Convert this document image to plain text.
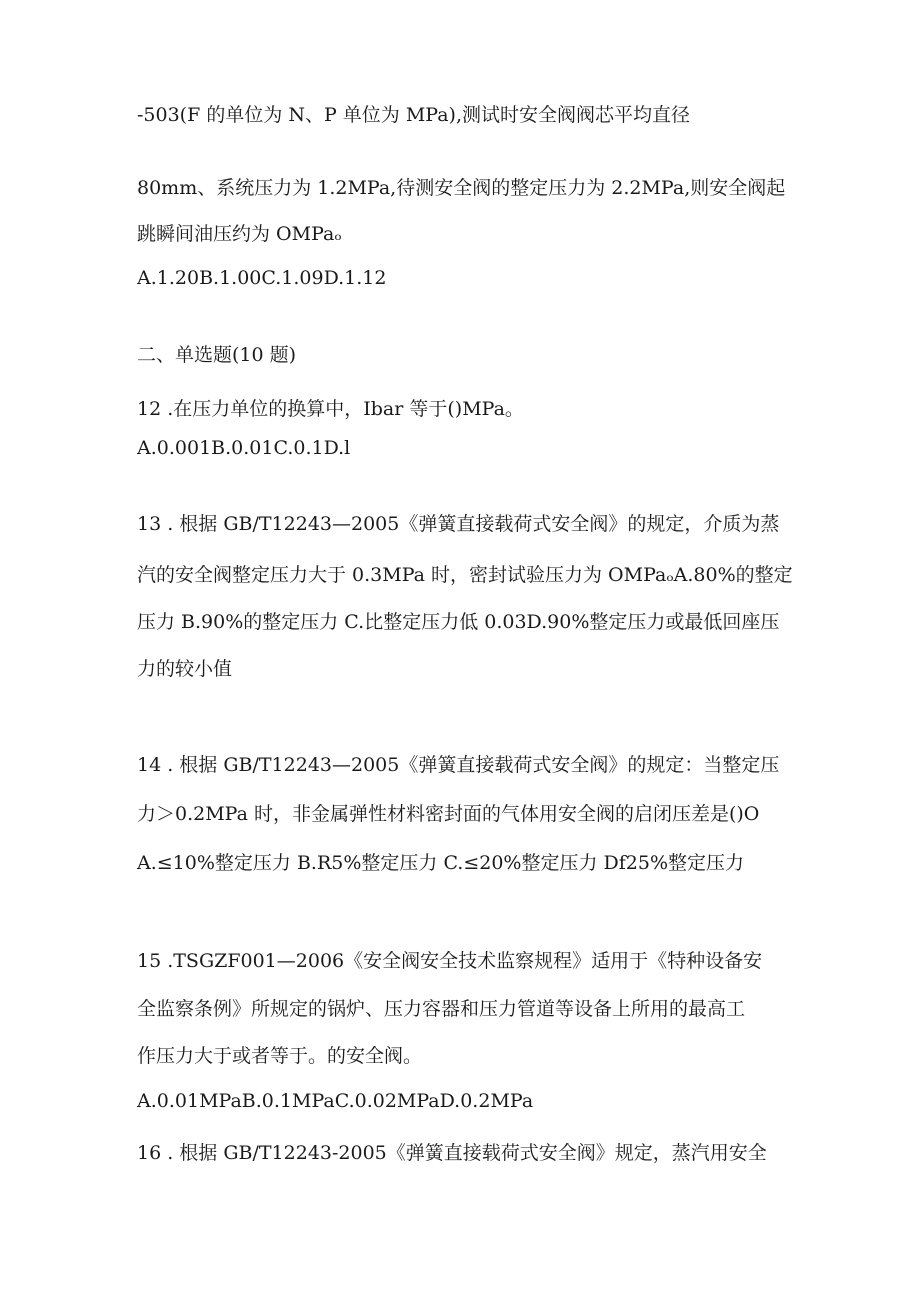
-503(F 的单位为 N、P 单位为 MPa),测试时安全阀阀芯平均直径
80mm、系统压力为 1.2MPa,待测安全阀的整定压力为 2.2MPa,则安全阀起
跳瞬间油压约为 OMPaₒ
A.1.20B.1.00C.1.09D.1.12
二、单选题(10 题)
12 .在压力单位的换算中，Ibar 等于()MPa。
A.0.001B.0.01C.0.1D.l
13 . 根据 GB/T12243—2005《弹簧直接载荷式安全阀》的规定，介质为蒸
汽的安全阀整定压力大于 0.3MPa 时，密封试验压力为 OMPaₒA.80%的整定
压力 B.90%的整定压力 C.比整定压力低 0.03D.90%整定压力或最低回座压
力的较小值
14 . 根据 GB/T12243—2005《弹簧直接载荷式安全阀》的规定：当整定压
力＞0.2MPa 时，非金属弹性材料密封面的气体用安全阀的启闭压差是()O
A.≤10%整定压力 B.R5%整定压力 C.≤20%整定压力 Df25%整定压力
15 .TSGZF001—2006《安全阀安全技术监察规程》适用于《特种设备安
全监察条例》所规定的锅炉、压力容器和压力管道等设备上所用的最高工
作压力大于或者等于。的安全阀。
A.0.01MPaB.0.1MPaC.0.02MPaD.0.2MPa
16 . 根据 GB/T12243-2005《弹簧直接载荷式安全阀》规定，蒸汽用安全
